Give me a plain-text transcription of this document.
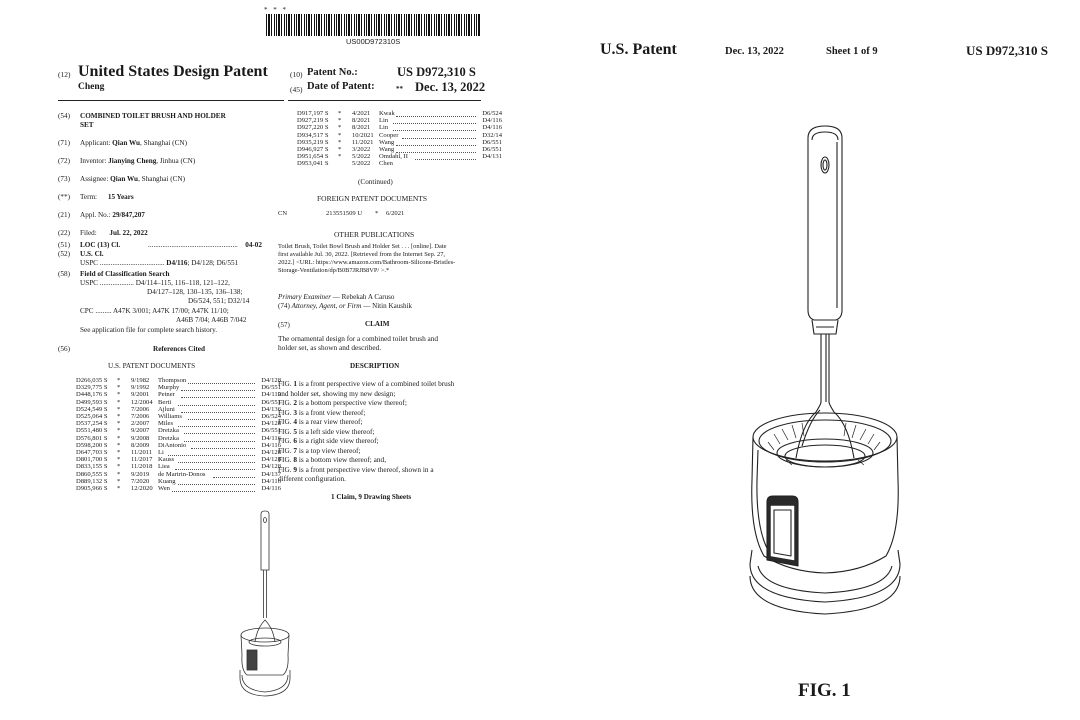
* * *
US00D972310S
(12) United States Design Patent
Cheng
(10) Patent No.:	US D972,310 S
(45) Date of Patent:	** Dec. 13, 2022
(54) COMBINED TOILET BRUSH AND HOLDER
SET
(71) Applicant: Qian Wu, Shanghai (CN)
(72) Inventor: Jianying Cheng, Jinhua (CN)
(73) Assignee: Qian Wu, Shanghai (CN)
(**) Term: 15 Years
(21) Appl. No.: 29/847,207
(22) Filed: Jul. 22, 2022
(51) LOC (13) Cl.	.................................................. 04-02
(52) U.S. Cl.
USPC .................................... D4/116; D4/128; D6/551
(58) Field of Classification Search
USPC ................... D4/114–115, 116–118, 121–122,
D4/127–128, 130–135, 136–138;
D6/524, 551; D32/14
CPC ......... A47K 3/001; A47K 17/00; A47K 11/10;
A46B 7/04; A46B 7/042
See application file for complete search history.
(56)	References Cited
U.S. PATENT DOCUMENTS
D266,035 S * 9/1982 Thompson	D4/128
D329,775 S * 9/1992 Murphy	D6/551
D448,176 S * 9/2001 Petner	D4/119
D499,593 S * 12/2004 Berti	D6/551
D524,549 S * 7/2006 Ajluni	D4/136
D525,064 S * 7/2006 Williams	D6/524
D537,254 S * 2/2007 Miles	D4/128
D551,480 S * 9/2007 Dretzka	D6/551
D576,801 S * 9/2008 Dretzka	D4/116
D598,200 S * 8/2009 DiAntonio	D4/116
D647,703 S * 11/2011 Li	D4/128
D801,700 S * 11/2017 Kauss	D4/128
D833,155 S * 11/2018 Liea	D4/128
D860,555 S * 9/2019 de Martrin-Donos	D4/137
D889,132 S * 7/2020 Kuang	D4/116
D905,966 S * 12/2020 Wen	D4/116
D917,197 S * 4/2021 Kwak	D6/524
D927,219 S * 8/2021 Lin	D4/116
D927,220 S * 8/2021 Lin	D4/116
D934,517 S * 10/2021 Cooper	D32/14
D935,219 S * 11/2021 Wang	D6/551
D946,927 S * 3/2022 Wang	D6/551
D951,654 S * 5/2022 Omdahl, II	D4/131
D953,041 S	5/2022 Chen
(Continued)
FOREIGN PATENT DOCUMENTS
CN	213551509 U * 6/2021
OTHER PUBLICATIONS
Toilet Brush, Toilet Bowl Brush and Holder Set . . . [online]. Date
first available Jul. 30, 2022. [Retrieved from the Internet Sep. 27,
2022.] <URL: https://www.amazon.com/Bathroom-Silicone-Bristles-
Storage-Ventilation/dp/B0B7JRJB8VP/ >.*
Primary Examiner — Rebekah A Caruso
(74) Attorney, Agent, or Firm — Nitin Kaushik
(57)	CLAIM
The ornamental design for a combined toilet brush and
holder set, as shown and described.
DESCRIPTION
FIG. 1 is a front perspective view of a combined toilet brush
and holder set, showing my new design;
FIG. 2 is a bottom perspective view thereof;
FIG. 3 is a front view thereof;
FIG. 4 is a rear view thereof;
FIG. 5 is a left side view thereof;
FIG. 6 is a right side view thereof;
FIG. 7 is a top view thereof;
FIG. 8 is a bottom view thereof; and,
FIG. 9 is a front perspective view thereof, shown in a
different configuration.
1 Claim, 9 Drawing Sheets
U.S. Patent	Dec. 13, 2022	Sheet 1 of 9	US D972,310 S
FIG. 1
